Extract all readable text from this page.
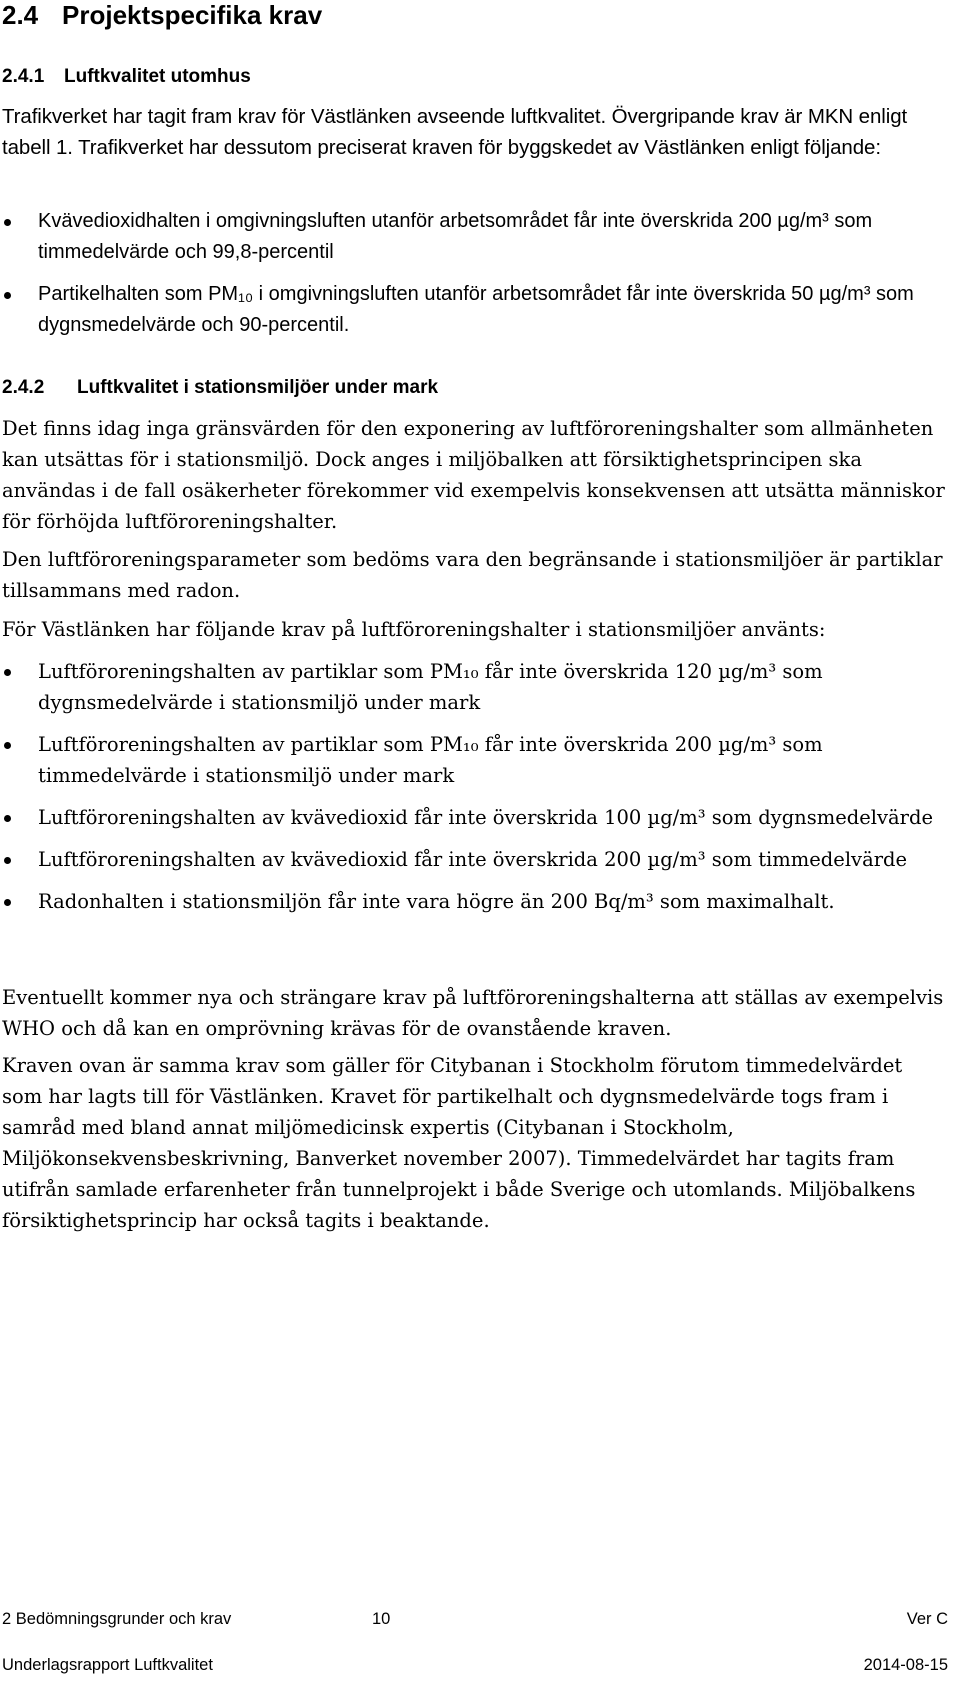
2.4 Projektspecifika krav
2.4.1 Luftkvalitet utomhus
Trafikverket har tagit fram krav för Västlänken avseende luftkvalitet. Övergripande krav är MKN enligt tabell 1. Trafikverket har dessutom preciserat kraven för byggskedet av Västlänken enligt följande:
Kvävedioxidhalten i omgivningsluften utanför arbetsområdet får inte överskrida 200 µg/m³ som timmedelvärde och 99,8-percentil
Partikelhalten som PM₁₀ i omgivningsluften utanför arbetsområdet får inte överskrida 50 µg/m³ som dygnsmedelvärde och 90-percentil.
2.4.2 Luftkvalitet i stationsmiljöer under mark
Det finns idag inga gränsvärden för den exponering av luftföroreningshalter som allmänheten kan utsättas för i stationsmiljö. Dock anges i miljöbalken att försiktighetsprincipen ska användas i de fall osäkerheter förekommer vid exempelvis konsekvensen att utsätta människor för förhöjda luftföroreningshalter.
Den luftföroreningsparameter som bedöms vara den begränsande i stationsmiljöer är partiklar tillsammans med radon.
För Västlänken har följande krav på luftföroreningshalter i stationsmiljöer använts:
Luftföroreningshalten av partiklar som PM₁₀ får inte överskrida 120 µg/m³ som dygnsmedelvärde i stationsmiljö under mark
Luftföroreningshalten av partiklar som PM₁₀ får inte överskrida 200 µg/m³ som timmedelvärde i stationsmiljö under mark
Luftföroreningshalten av kvävedioxid får inte överskrida 100 µg/m³ som dygnsmedelvärde
Luftföroreningshalten av kvävedioxid får inte överskrida 200 µg/m³ som timmedelvärde
Radonhalten i stationsmiljön får inte vara högre än 200 Bq/m³ som maximalhalt.
Eventuellt kommer nya och strängare krav på luftföroreningshalterna att ställas av exempelvis WHO och då kan en omprövning krävas för de ovanstående kraven.
Kraven ovan är samma krav som gäller för Citybanan i Stockholm förutom timmedelvärdet som har lagts till för Västlänken. Kravet för partikelhalt och dygnsmedelvärde togs fram i samråd med bland annat miljömedicinsk expertis (Citybanan i Stockholm, Miljökonsekvensbeskrivning, Banverket november 2007). Timmedelvärdet har tagits fram utifrån samlade erfarenheter från tunnelprojekt i både Sverige och utomlands. Miljöbalkens försiktighetsprincip har också tagits i beaktande.
2 Bedömningsgrunder och krav	10	Ver C
Underlagsrapport Luftkvalitet	2014-08-15
